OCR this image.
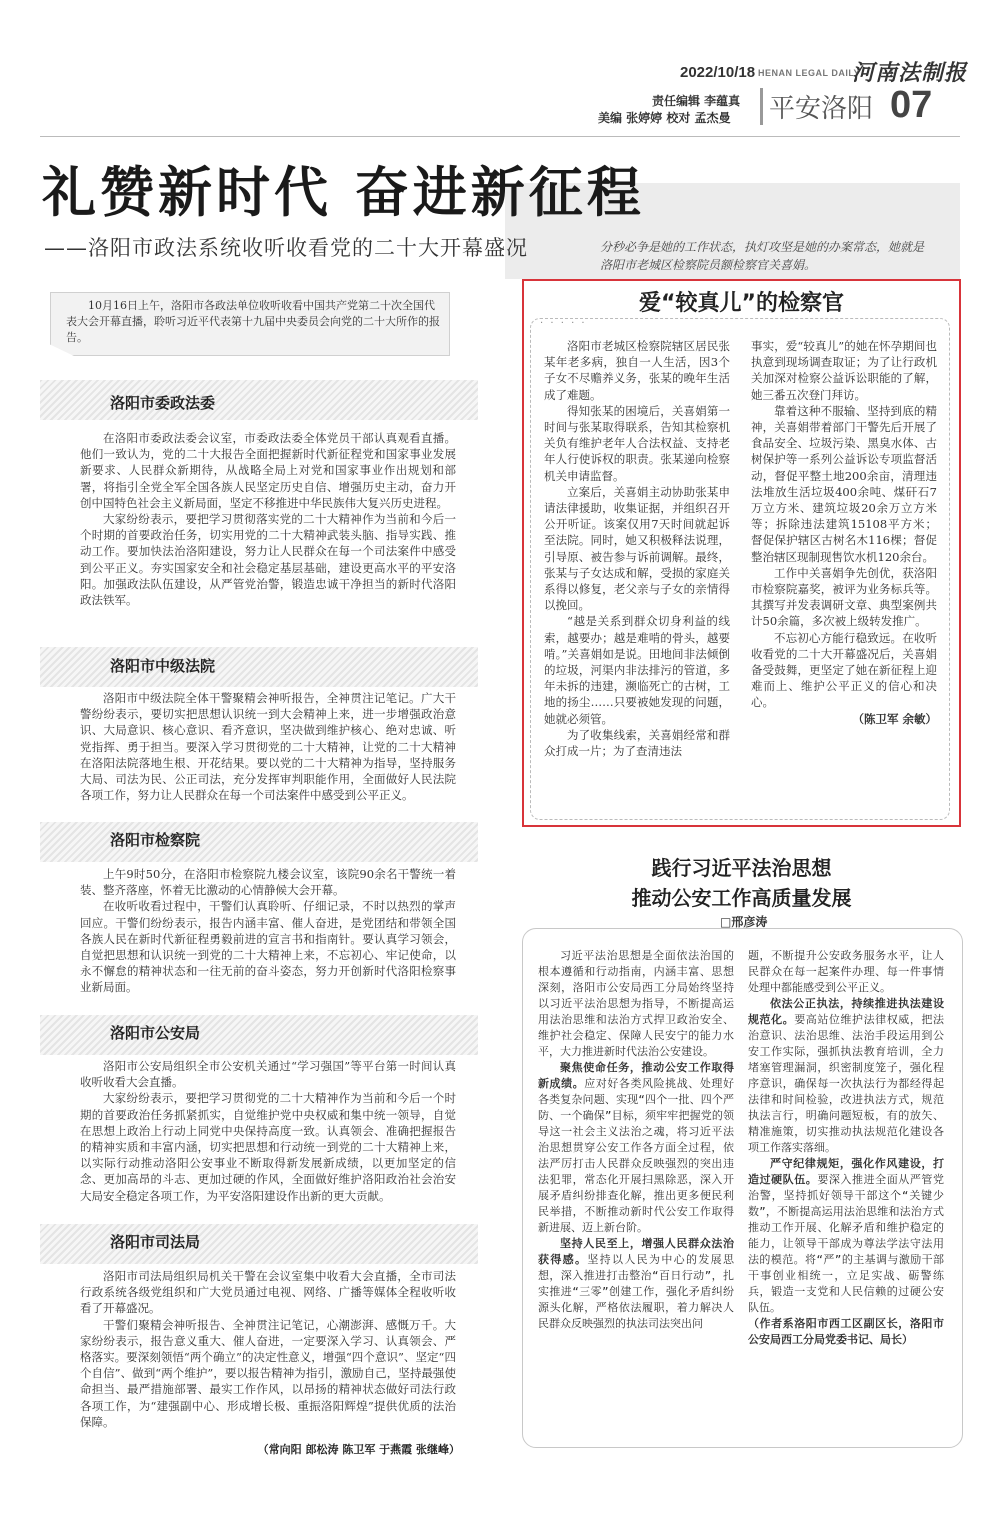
2022/10/18 HENAN LEGAL DAILY
河南法制报
责任编辑 李蕴真
美编 张婷婷 校对 孟杰曼	平安洛阳 07
礼赞新时代 奋进新征程
——洛阳市政法系统收听收看党的二十大开幕盛况	分秒必争是她的工作状态，执灯攻坚是她的办案常态，她就是洛阳市老城区检察院员额检察官关喜娟。
10月16日上午，洛阳市各政法单位收听收看中国共产党第二十次全国代表大会开幕直播，聆听习近平代表第十九届中央委员会向党的二十大所作的报告。
洛阳市委政法委

在洛阳市委政法委会议室，市委政法委全体党员干部认真观看直播。他们一致认为，党的二十大报告全面把握新时代新征程党和国家事业发展新要求、人民群众新期待，从战略全局上对党和国家事业作出规划和部署，将指引全党全军全国各族人民坚定历史自信、增强历史主动，奋力开创中国特色社会主义新局面，坚定不移推进中华民族伟大复兴历史进程。

大家纷纷表示，要把学习贯彻落实党的二十大精神作为当前和今后一个时期的首要政治任务，切实用党的二十大精神武装头脑、指导实践、推动工作。要加快法治洛阳建设，努力让人民群众在每一个司法案件中感受到公平正义。夯实国家安全和社会稳定基层基础，建设更高水平的平安洛阳。加强政法队伍建设，从严管党治警，锻造忠诚干净担当的新时代洛阳政法铁军。

洛阳市中级法院

洛阳市中级法院全体干警聚精会神听报告，全神贯注记笔记。广大干警纷纷表示，要切实把思想认识统一到大会精神上来，进一步增强政治意识、大局意识、核心意识、看齐意识，坚决做到维护核心、绝对忠诚、听党指挥、勇于担当。要深入学习贯彻党的二十大精神，让党的二十大精神在洛阳法院落地生根、开花结果。要以党的二十大精神为指导，坚持服务大局、司法为民、公正司法，充分发挥审判职能作用，全面做好人民法院各项工作，努力让人民群众在每一个司法案件中感受到公平正义。

洛阳市检察院

上午9时50分，在洛阳市检察院九楼会议室，该院90余名干警统一着装、整齐落座，怀着无比激动的心情静候大会开幕。

在收听收看过程中，干警们认真聆听、仔细记录，不时以热烈的掌声回应。干警们纷纷表示，报告内涵丰富、催人奋进，是党团结和带领全国各族人民在新时代新征程勇毅前进的宣言书和指南针。要认真学习领会，自觉把思想和认识统一到党的二十大精神上来，不忘初心、牢记使命，以永不懈怠的精神状态和一往无前的奋斗姿态，努力开创新时代洛阳检察事业新局面。

洛阳市公安局

洛阳市公安局组织全市公安机关通过“学习强国”等平台第一时间认真收听收看大会直播。

大家纷纷表示，要把学习贯彻党的二十大精神作为当前和今后一个时期的首要政治任务抓紧抓实，自觉维护党中央权威和集中统一领导，自觉在思想上政治上行动上同党中央保持高度一致。认真领会、准确把握报告的精神实质和丰富内涵，切实把思想和行动统一到党的二十大精神上来，以实际行动推动洛阳公安事业不断取得新发展新成绩，以更加坚定的信念、更加高昂的斗志、更加过硬的作风，全面做好维护洛阳政治社会治安大局安全稳定各项工作，为平安洛阳建设作出新的更大贡献。

洛阳市司法局

洛阳市司法局组织局机关干警在会议室集中收看大会直播，全市司法行政系统各级党组织和广大党员通过电视、网络、广播等媒体全程收听收看了开幕盛况。

干警们聚精会神听报告、全神贯注记笔记，心潮澎湃、感慨万千。大家纷纷表示，报告意义重大、催人奋进，一定要深入学习、认真领会、严格落实。要深刻领悟“两个确立”的决定性意义，增强“四个意识”、坚定“四个自信”、做到“两个维护”，要以报告精神为指引，激励自己，坚持最强使命担当、最严措施部署、最实工作作风，以昂扬的精神状态做好司法行政各项工作，为“建强副中心、形成增长极、重振洛阳辉煌”提供优质的法治保障。

（常向阳 郎松涛 陈卫军 于燕霞 张继峰）
爱“较真儿”的检察官
· · · · ·

洛阳市老城区检察院辖区居民张某年老多病，独自一人生活，因3个子女不尽赡养义务，张某的晚年生活成了难题。

得知张某的困境后，关喜娟第一时间与张某取得联系，告知其检察机关负有维护老年人合法权益、支持老年人行使诉权的职责。张某递向检察机关申请监督。

立案后，关喜娟主动协助张某申请法律援助，收集证据，并组织召开公开听证。该案仅用7天时间就起诉至法院。同时，她又积极释法说理，引导原、被告参与诉前调解。最终，张某与子女达成和解，受损的家庭关系得以修复，老父亲与子女的亲情得以挽回。

“越是关系到群众切身利益的线索，越要办；越是难啃的骨头，越要啃。”关喜娟如是说。田地间非法倾倒的垃圾，河渠内非法排污的管道，多年未拆的违建，濒临死亡的古树，工地的扬尘……只要被她发现的问题，她就必须管。

为了收集线索，关喜娟经常和群众打成一片；为了查清违法

事实，爱“较真儿”的她在怀孕期间也执意到现场调查取证；为了让行政机关加深对检察公益诉讼职能的了解，她三番五次登门拜访。

靠着这种不服输、坚持到底的精神，关喜娟带着部门干警先后开展了食品安全、垃圾污染、黑臭水体、古树保护等一系列公益诉讼专项监督活动，督促平整土地200余亩，清理违法堆放生活垃圾400余吨、煤矸石7万立方米、建筑垃圾20余万立方米等；拆除违法建筑15108平方米；督促保护辖区古树名木116棵；督促整治辖区现制现售饮水机120余台。

工作中关喜娟争先创优，获洛阳市检察院嘉奖，被评为业务标兵等。其撰写并发表调研文章、典型案例共计50余篇，多次被上级转发推广。

不忘初心方能行稳致远。在收听收看党的二十大开幕盛况后，关喜娟备受鼓舞，更坚定了她在新征程上迎难而上、维护公平正义的信心和决心。

（陈卫军 余敏）

践行习近平法治思想
推动公安工作高质量发展
□邢彦涛

习近平法治思想是全面依法治国的根本遵循和行动指南，内涵丰富、思想深刻，洛阳市公安局西工分局始终坚持以习近平法治思想为指导，不断提高运用法治思维和法治方式捍卫政治安全、维护社会稳定、保障人民安宁的能力水平，大力推进新时代法治公安建设。

聚焦使命任务，推动公安工作取得新成绩。应对好各类风险挑战、处理好各类复杂问题、实现“四个一批、四个严防、一个确保”目标，须牢牢把握党的领导这一社会主义法治之魂，将习近平法治思想贯穿公安工作各方面全过程，依法严厉打击人民群众反映强烈的突出违法犯罪，常态化开展扫黑除恶，深入开展矛盾纠纷排查化解，推出更多便民利民举措，不断推动新时代公安工作取得新进展、迈上新台阶。

坚持人民至上，增强人民群众法治获得感。坚持以人民为中心的发展思想，深入推进打击整治“百日行动”，扎实推进“三零”创建工作，强化矛盾纠纷源头化解，严格依法履职，着力解决人民群众反映强烈的执法司法突出问

题，不断提升公安政务服务水平，让人民群众在每一起案件办理、每一件事情处理中都能感受到公平正义。

依法公正执法，持续推进执法建设规范化。要高站位维护法律权威，把法治意识、法治思维、法治手段运用到公安工作实际，强抓执法教育培训，全力堵塞管理漏洞，织密制度笼子，强化程序意识，确保每一次执法行为都经得起法律和时间检验，改进执法方式，规范执法言行，明确问题短板，有的放矢、精准施策，切实推动执法规范化建设各项工作落实落细。

严守纪律规矩，强化作风建设，打造过硬队伍。要深入推进全面从严管党治警，坚持抓好领导干部这个“关键少数”，不断提高运用法治思维和法治方式推动工作开展、化解矛盾和维护稳定的能力，让领导干部成为尊法学法守法用法的模范。将“严”的主基调与激励干部干事创业相统一，立足实战、砺警练兵，锻造一支党和人民信赖的过硬公安队伍。

（作者系洛阳市西工区副区长，洛阳市公安局西工分局党委书记、局长）
